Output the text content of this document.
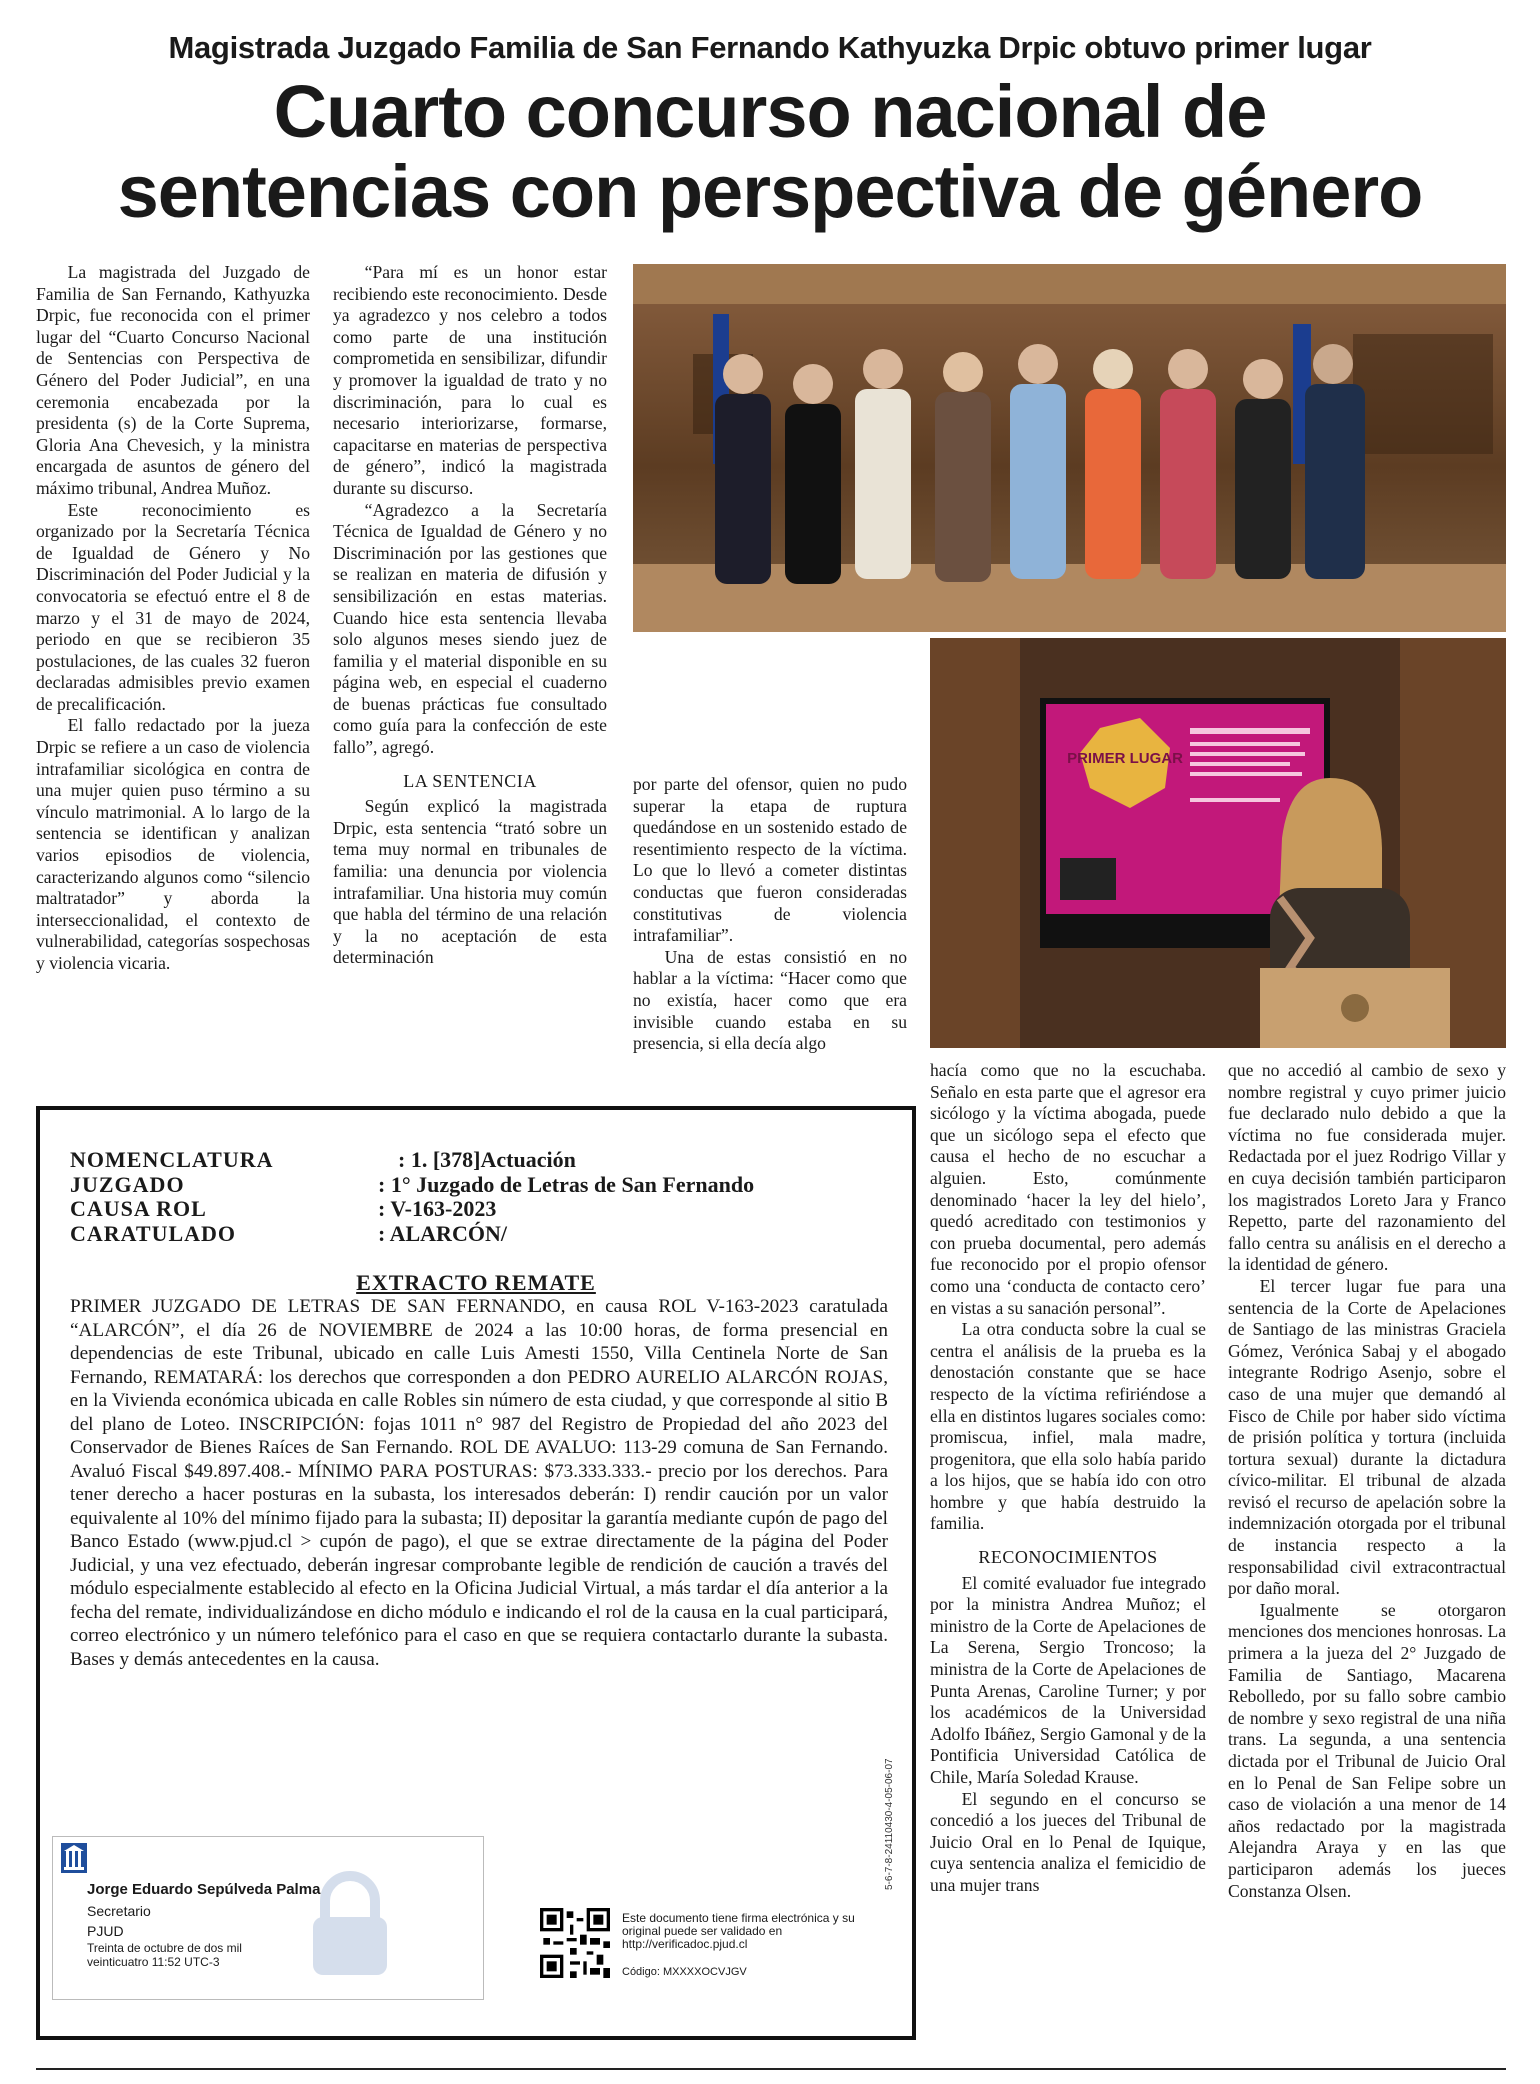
Magistrada Juzgado Familia de San Fernando Kathyuzka Drpic obtuvo primer lugar
Cuarto concurso nacional de
sentencias con perspectiva de género

La magistrada del Juzgado de Familia de San Fernando, Kathyuzka Drpic, fue reconocida con el primer lugar del “Cuarto Concurso Nacional de Sentencias con Perspectiva de Género del Poder Judicial”, en una ceremonia encabezada por la presidenta (s) de la Corte Suprema, Gloria Ana Chevesich, y la ministra encargada de asuntos de género del máximo tribunal, Andrea Muñoz.

Este reconocimiento es organizado por la Secretaría Técnica de Igualdad de Género y No Discriminación del Poder Judicial y la convocatoria se efectuó entre el 8 de marzo y el 31 de mayo de 2024, periodo en que se recibieron 35 postulaciones, de las cuales 32 fueron declaradas admisibles previo examen de precalificación.

El fallo redactado por la jueza Drpic se refiere a un caso de violencia intrafamiliar sicológica en contra de una mujer quien puso término a su vínculo matrimonial. A lo largo de la sentencia se identifican y analizan varios episodios de violencia, caracterizando algunos como “silencio maltratador” y aborda la interseccionalidad, el contexto de vulnerabilidad, categorías sospechosas y violencia vicaria.

“Para mí es un honor estar recibiendo este reconocimiento. Desde ya agradezco y nos celebro a todos como parte de una institución comprometida en sensibilizar, difundir y promover la igualdad de trato y no discriminación, para lo cual es necesario interiorizarse, formarse, capacitarse en materias de perspectiva de género”, indicó la magistrada durante su discurso.

“Agradezco a la Secretaría Técnica de Igualdad de Género y no Discriminación por las gestiones que se realizan en materia de difusión y sensibilización en estas materias. Cuando hice esta sentencia llevaba solo algunos meses siendo juez de familia y el material disponible en su página web, en especial el cuaderno de buenas prácticas fue consultado como guía para la confección de este fallo”, agregó.

LA SENTENCIA

Según explicó la magistrada Drpic, esta sentencia “trató sobre un tema muy normal en tribunales de familia: una denuncia por violencia intrafamiliar. Una historia muy común que habla del término de una relación y la no aceptación de esta determinación

por parte del ofensor, quien no pudo superar la etapa de ruptura quedándose en un sostenido estado de resentimiento respecto de la víctima. Lo que lo llevó a cometer distintas conductas que fueron consideradas constitutivas de violencia intrafamiliar”.

Una de estas consistió en no hablar a la víctima: “Hacer como que no existía, hacer como que era invisible cuando estaba en su presencia, si ella decía algo

PRIMER LUGAR

hacía como que no la escuchaba. Señalo en esta parte que el agresor era sicólogo y la víctima abogada, puede que un sicólogo sepa el efecto que causa el hecho de no escuchar a alguien. Esto, comúnmente denominado ‘hacer la ley del hielo’, quedó acreditado con testimonios y con prueba documental, pero además fue reconocido por el propio ofensor como una ‘conducta de contacto cero’ en vistas a su sanación personal”.

La otra conducta sobre la cual se centra el análisis de la prueba es la denostación constante que se hace respecto de la víctima refiriéndose a ella en distintos lugares sociales como: promiscua, infiel, mala madre, progenitora, que ella solo había parido a los hijos, que se había ido con otro hombre y que había destruido la familia.

RECONOCIMIENTOS

El comité evaluador fue integrado por la ministra Andrea Muñoz; el ministro de la Corte de Apelaciones de La Serena, Sergio Troncoso; la ministra de la Corte de Apelaciones de Punta Arenas, Caroline Turner; y por los académicos de la Universidad Adolfo Ibáñez, Sergio Gamonal y de la Pontificia Universidad Católica de Chile, María Soledad Krause.

El segundo en el concurso se concedió a los jueces del Tribunal de Juicio Oral en lo Penal de Iquique, cuya sentencia analiza el femicidio de una mujer trans

que no accedió al cambio de sexo y nombre registral y cuyo primer juicio fue declarado nulo debido a que la víctima no fue considerada mujer. Redactada por el juez Rodrigo Villar y en cuya decisión también participaron los magistrados Loreto Jara y Franco Repetto, parte del razonamiento del fallo centra su análisis en el derecho a la identidad de género.

El tercer lugar fue para una sentencia de la Corte de Apelaciones de Santiago de las ministras Graciela Gómez, Verónica Sabaj y el abogado integrante Rodrigo Asenjo, sobre el caso de una mujer que demandó al Fisco de Chile por haber sido víctima de prisión política y tortura (incluida tortura sexual) durante la dictadura cívico-militar. El tribunal de alzada revisó el recurso de apelación sobre la indemnización otorgada por el tribunal de instancia respecto a la responsabilidad civil extracontractual por daño moral.

Igualmente se otorgaron menciones dos menciones honrosas. La primera a la jueza del 2° Juzgado de Familia de Santiago, Macarena Rebolledo, por su fallo sobre cambio de nombre y sexo registral de una niña trans. La segunda, a una sentencia dictada por el Tribunal de Juicio Oral en lo Penal de San Felipe sobre un caso de violación a una menor de 14 años redactado por la magistrada Alejandra Araya y en las que participaron además los jueces Constanza Olsen.

NOMENCLATURA	: 1. [378]Actuación
JUZGADO	: 1° Juzgado de Letras de San Fernando
CAUSA ROL	: V-163-2023
CARATULADO	: ALARCÓN/
EXTRACTO REMATE
PRIMER JUZGADO DE LETRAS DE SAN FERNANDO, en causa ROL V-163-2023 caratulada “ALARCÓN”, el día 26 de NOVIEMBRE de 2024 a las 10:00 horas, de forma presencial en dependencias de este Tribunal, ubicado en calle Luis Amesti 1550, Villa Centinela Norte de San Fernando, REMATARÁ: los derechos que corresponden a don PEDRO AURELIO ALARCÓN ROJAS, en la Vivienda económica ubicada en calle Robles sin número de esta ciudad, y que corresponde al sitio B del plano de Loteo. INSCRIPCIÓN: fojas 1011 n° 987 del Registro de Propiedad del año 2023 del Conservador de Bienes Raíces de San Fernando. ROL DE AVALUO: 113-29 comuna de San Fernando. Avaluó Fiscal $49.897.408.- MÍNIMO PARA POSTURAS: $73.333.333.- precio por los derechos. Para tener derecho a hacer posturas en la subasta, los interesados deberán: I) rendir caución por un valor equivalente al 10% del mínimo fijado para la subasta; II) depositar la garantía mediante cupón de pago del Banco Estado (www.pjud.cl > cupón de pago), el que se extrae directamente de la página del Poder Judicial, y una vez efectuado, deberán ingresar comprobante legible de rendición de caución a través del módulo especialmente establecido al efecto en la Oficina Judicial Virtual, a más tardar el día anterior a la fecha del remate, individualizándose en dicho módulo e indicando el rol de la causa en la cual participará, correo electrónico y un número telefónico para el caso en que se requiera contactarlo durante la subasta. Bases y demás antecedentes en la causa.
Jorge Eduardo Sepúlveda Palma
Secretario
PJUD
Treinta de octubre de dos mil veinticuatro 11:52 UTC-3
Este documento tiene firma electrónica y su original puede ser validado en http://verificadoc.pjud.cl
Código: MXXXXOCVJGV
5-6-7-8-24110430-4-05-06-07
